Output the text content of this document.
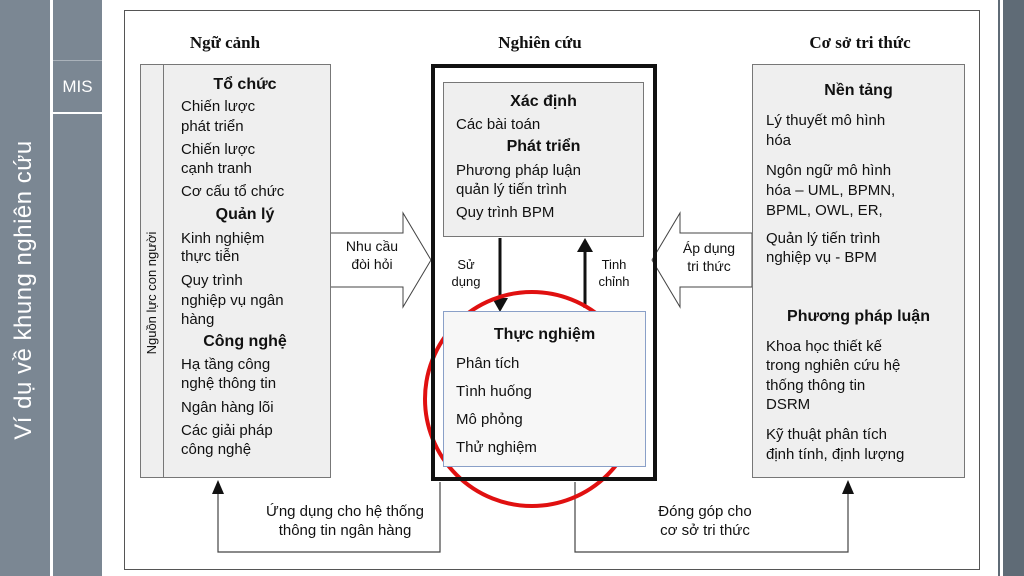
MIS
Ví dụ về khung nghiên cứu
Ngữ cảnh	Nghiên cứu	Cơ sở tri thức
Nguồn lực con người
Tổ chức
Chiến lược
phát triển
Chiến lược
cạnh tranh
Cơ cấu tổ chức
Quản lý
Kinh nghiệm
thực tiễn
Quy trình
nghiệp vụ ngân
hàng
Công nghệ
Hạ tầng công
nghệ thông tin
Ngân hàng lõi
Các giải pháp
công nghệ
Nhu cầu
đòi hỏi
Xác định
Các bài toán
Phát triển
Phương pháp luận
quản lý tiến trình
Quy trình BPM
Sử
dụng
Tinh
chỉnh
Thực nghiệm
Phân tích
Tình huống
Mô phỏng
Thử nghiệm
Áp dụng
tri thức
Nền tảng
Lý thuyết mô hình
hóa
Ngôn ngữ mô hình
hóa – UML, BPMN,
BPML, OWL, ER,
Quản lý tiến trình
nghiệp vụ - BPM
Phương pháp luận
Khoa học thiết kế
trong nghiên cứu hệ
thống thông tin
DSRM
Kỹ thuật phân tích
định tính, định lượng
Ứng dụng cho hệ thống
thông tin ngân hàng
Đóng góp cho
cơ sở tri thức
